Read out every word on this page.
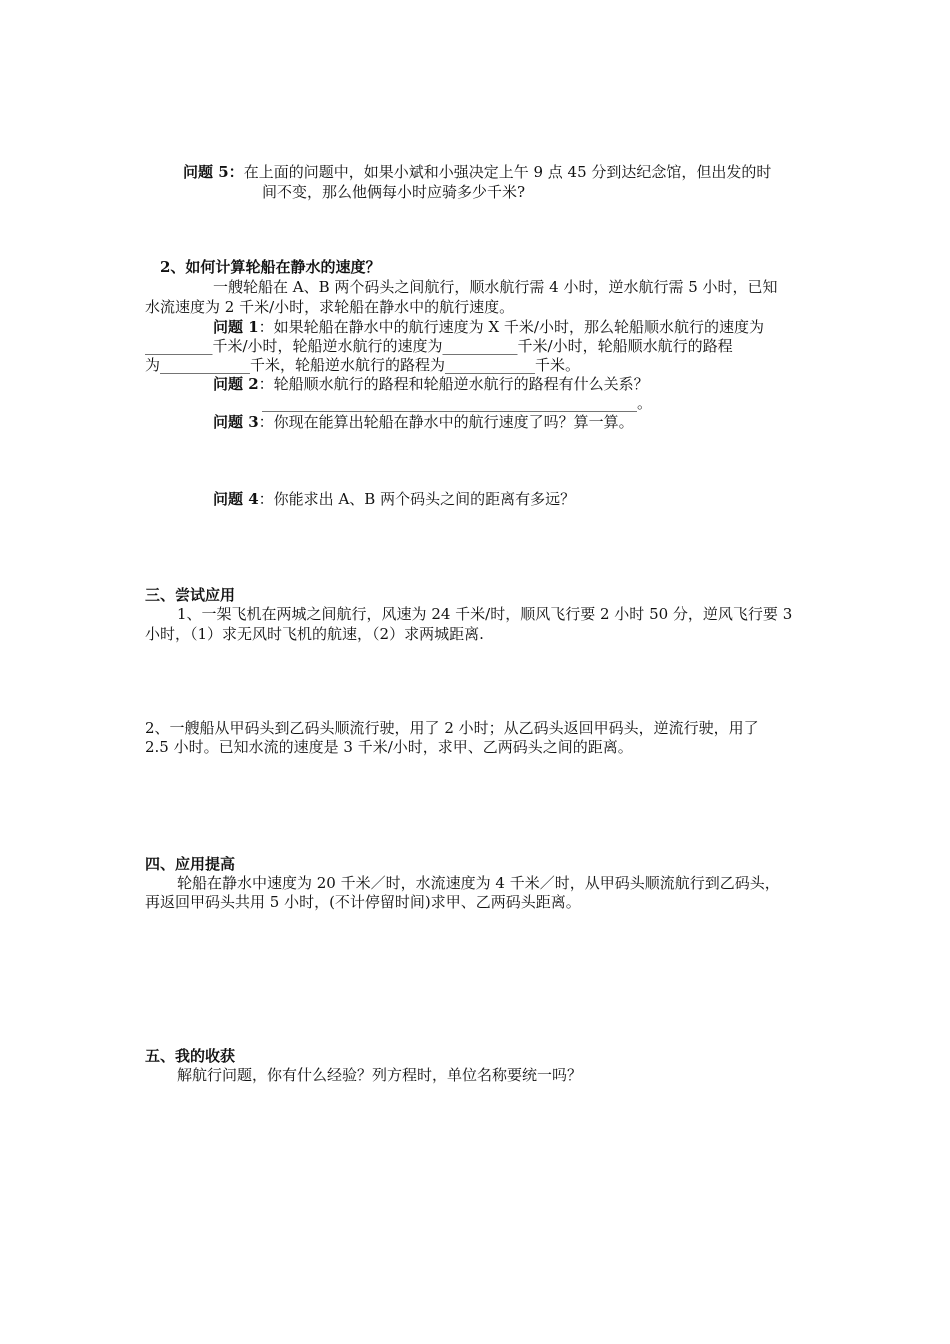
问题 5：在上面的问题中，如果小斌和小强决定上午 9 点 45 分到达纪念馆，但出发的时
间不变，那么他俩每小时应骑多少千米?
2、如何计算轮船在静水的速度？
一艘轮船在 A、B 两个码头之间航行，顺水航行需 4 小时，逆水航行需 5 小时，已知
水流速度为 2 千米/小时，求轮船在静水中的航行速度。
问题 1：如果轮船在静水中的航行速度为 X 千米/小时，那么轮船顺水航行的速度为
_________千米/小时，轮船逆水航行的速度为__________千米/小时，轮船顺水航行的路程
为____________千米，轮船逆水航行的路程为____________千米。
问题 2：轮船顺水航行的路程和轮船逆水航行的路程有什么关系？
__________________________________________________。
问题 3：你现在能算出轮船在静水中的航行速度了吗？算一算。
问题 4：你能求出 A、B 两个码头之间的距离有多远？
三、尝试应用
1、一架飞机在两城之间航行，风速为 24 千米/时，顺风飞行要 2 小时 50 分，逆风飞行要 3
小时，（1）求无风时飞机的航速，（2）求两城距离.
2、一艘船从甲码头到乙码头顺流行驶，用了 2 小时；从乙码头返回甲码头，逆流行驶，用了
2.5 小时。已知水流的速度是 3 千米/小时，求甲、乙两码头之间的距离。
四、应用提高
轮船在静水中速度为 20 千米／时，水流速度为 4 千米／时，从甲码头顺流航行到乙码头，
再返回甲码头共用 5 小时，(不计停留时间)求甲、乙两码头距离。
五、我的收获
解航行问题，你有什么经验？列方程时，单位名称要统一吗？
